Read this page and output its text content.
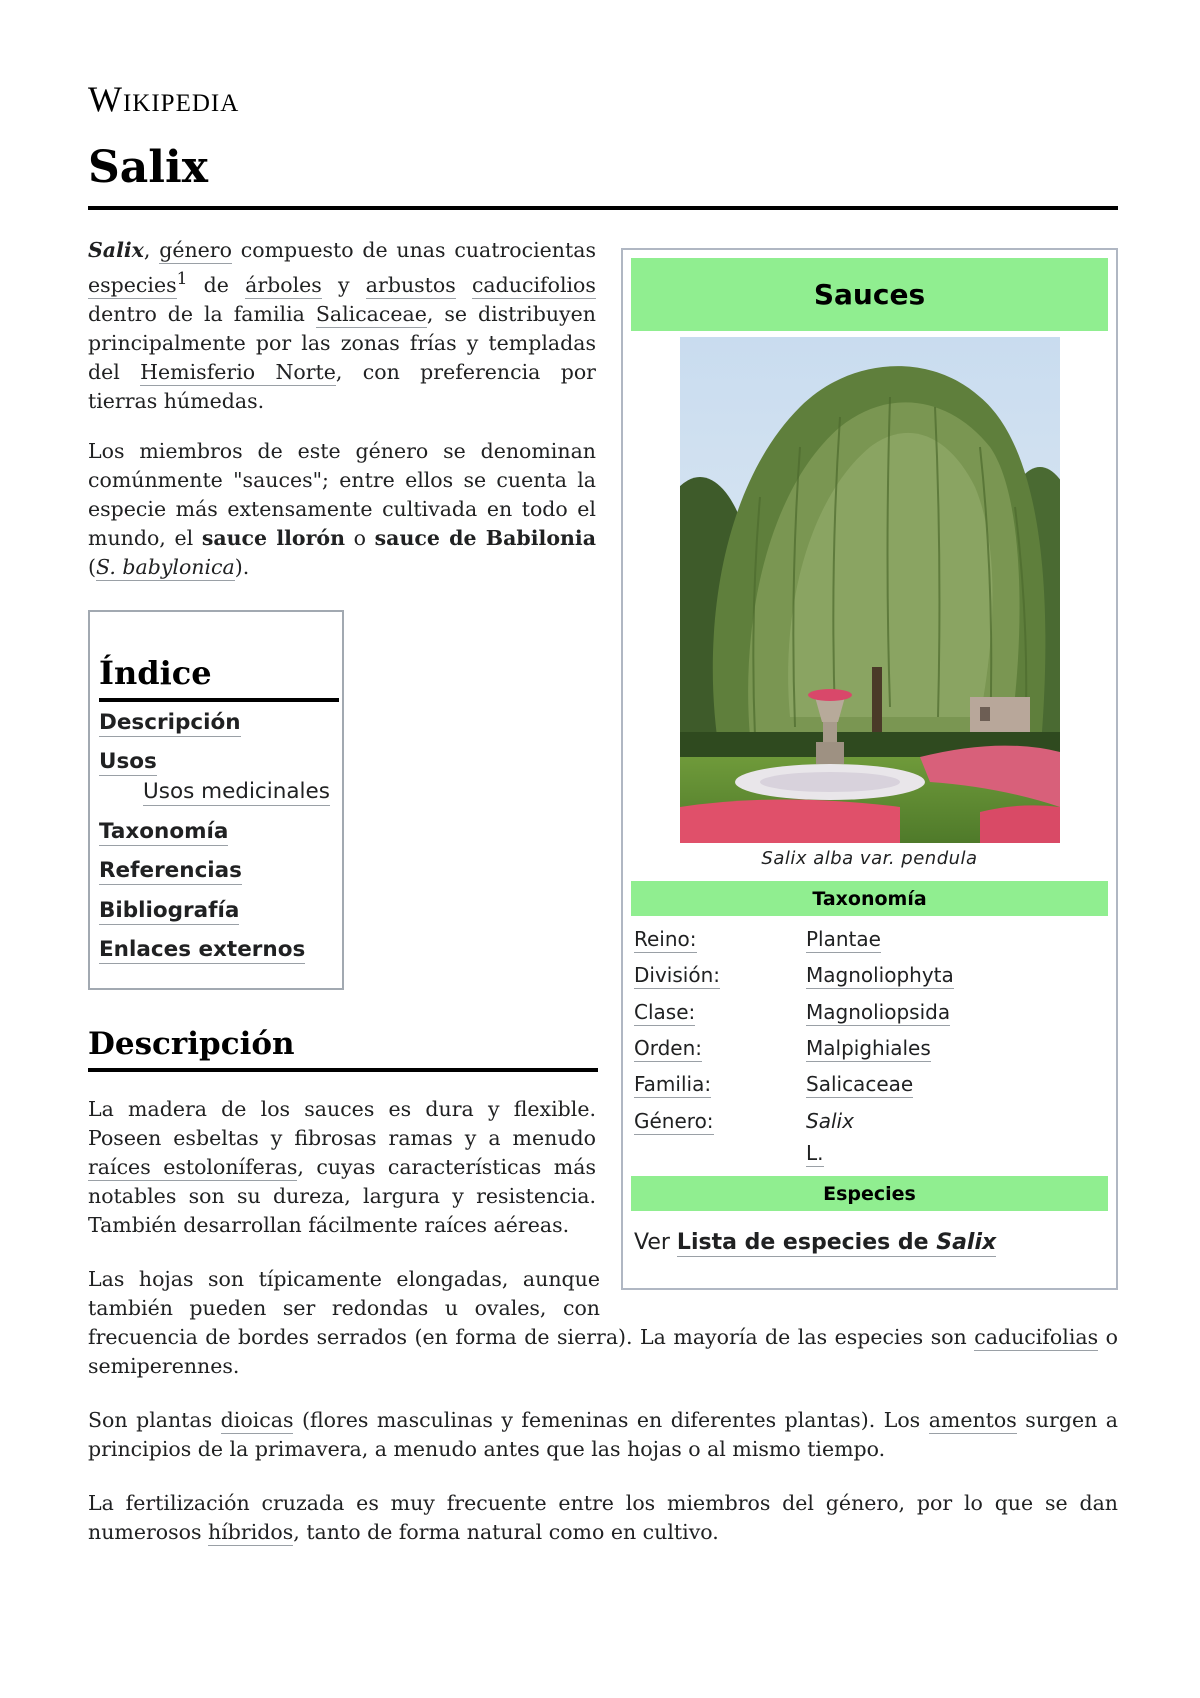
Wikipedia
Salix
Salix, género compuesto de unas cuatrocientas especies$^1$ de árboles y arbustos caducifolios dentro de la familia Salicaceae, se distribuyen principalmente por las zonas frías y templadas del Hemisferio Norte, con preferencia por tierras húmedas.
Los miembros de este género se denominan comúnmente "sauces"; entre ellos se cuenta la especie más extensamente cultivada en todo el mundo, el sauce llorón o sauce de Babilonia (S. babylonica).
Índice
Descripción
Usos
Usos medicinales
Taxonomía
Referencias
Bibliografía
Enlaces externos
Descripción
La madera de los sauces es dura y flexible. Poseen esbeltas y fibrosas ramas y a menudo raíces estoloníferas, cuyas características más notables son su dureza, largura y resistencia. También desarrollan fácilmente raíces aéreas.
Las hojas son típicamente elongadas, aunque también pueden ser redondas u ovales, con frecuencia de bordes serrados (en forma de sierra). La mayoría de las especies son caducifolias o semiperennes.
Son plantas dioicas (flores masculinas y femeninas en diferentes plantas). Los amentos surgen a principios de la primavera, a menudo antes que las hojas o al mismo tiempo.
La fertilización cruzada es muy frecuente entre los miembros del género, por lo que se dan numerosos híbridos, tanto de forma natural como en cultivo.
Sauces
Salix alba var. pendula
Taxonomía
Reino:	Plantae
División:	Magnoliophyta
Clase:	Magnoliopsida
Orden:	Malpighiales
Familia:	Salicaceae
Género:	Salix
L.
Especies
Ver Lista de especies de Salix
